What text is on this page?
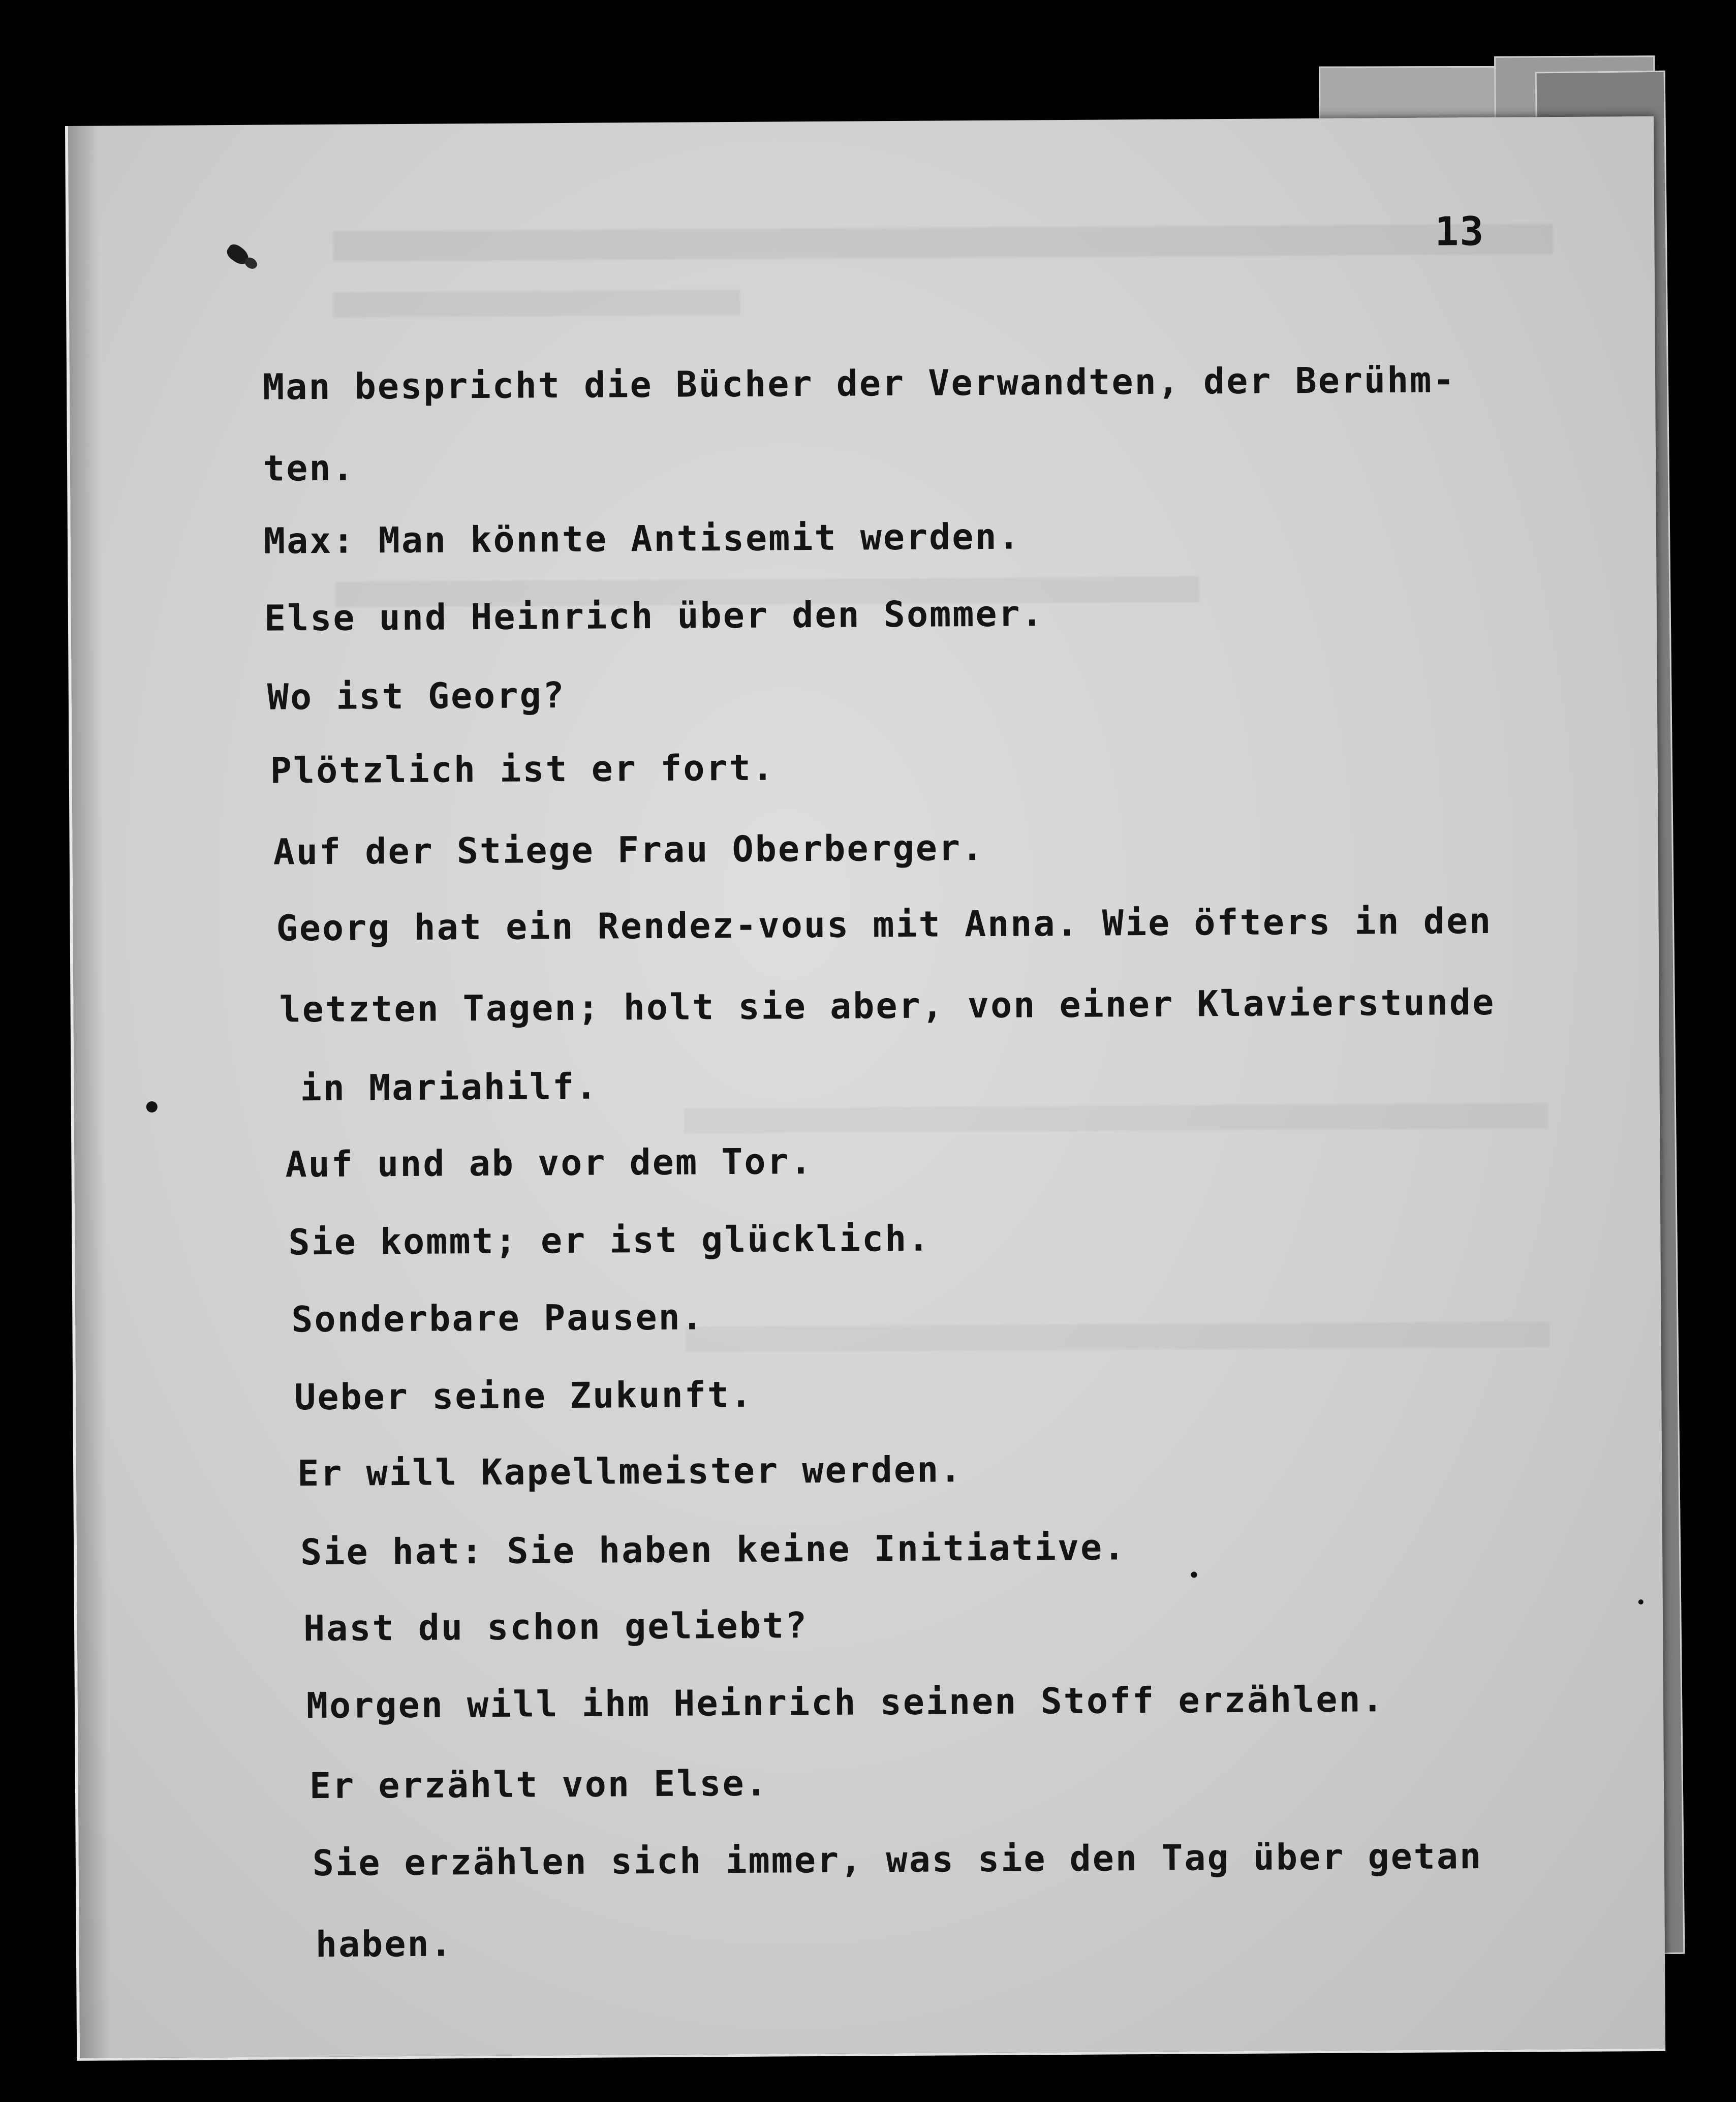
13
Man bespricht die Bücher der Verwandten, der Berühm-
ten.
Max: Man könnte Antisemit werden.
Else und Heinrich über den Sommer.
Wo ist Georg?
Plötzlich ist er fort.
Auf der Stiege Frau Oberberger.
Georg hat ein Rendez-vous mit Anna. Wie öfters in den
letzten Tagen; holt sie aber, von einer Klavierstunde
in Mariahilf.
Auf und ab vor dem Tor.
Sie kommt; er ist glücklich.
Sonderbare Pausen.
Ueber seine Zukunft.
Er will Kapellmeister werden.
Sie hat: Sie haben keine Initiative.
Hast du schon geliebt?
Morgen will ihm Heinrich seinen Stoff erzählen.
Er erzählt von Else.
Sie erzählen sich immer, was sie den Tag über getan
haben.
